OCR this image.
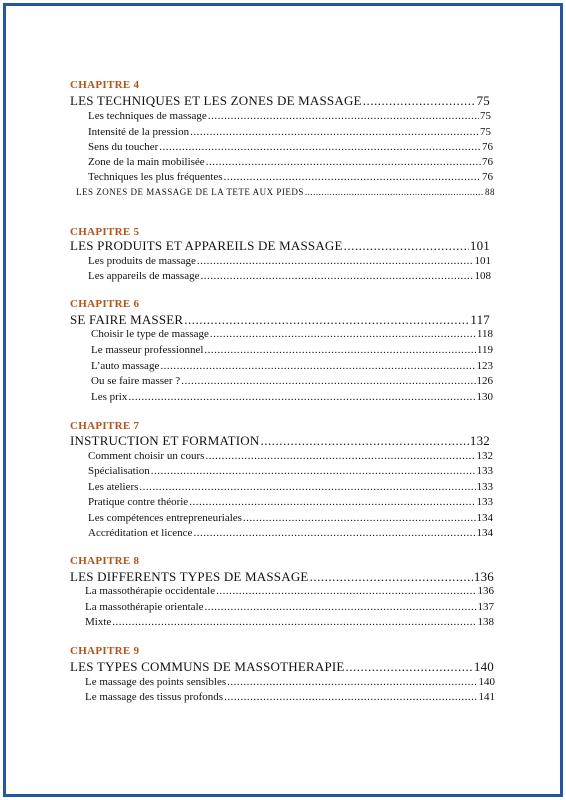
CHAPITRE 4
LES TECHNIQUES ET LES ZONES DE MASSAGE .....	75
Les techniques de massage .....	75
Intensité de la pression .....	75
Sens du toucher .....	76
Zone de la main mobilisée .....	76
Techniques les plus fréquentes .....	76
LES ZONES DE MASSAGE DE LA TETE AUX PIEDS .....	88
CHAPITRE 5
LES PRODUITS ET APPAREILS DE MASSAGE .....	101
Les produits de massage .....	101
Les appareils de massage .....	108
CHAPITRE 6
SE FAIRE MASSER .....	117
Choisir le type de massage .....	118
Le masseur professionnel .....	119
L’auto massage .....	123
Ou se faire masser ? .....	126
Les prix .....	130
CHAPITRE 7
INSTRUCTION ET FORMATION .....	132
Comment choisir un cours .....	132
Spécialisation .....	133
Les ateliers .....	133
Pratique contre théorie .....	133
Les compétences entrepreneuriales .....	134
Accréditation et licence .....	134
CHAPITRE 8
LES DIFFERENTS TYPES DE MASSAGE .....	136
La massothérapie occidentale .....	136
La massothérapie orientale .....	137
Mixte .....	138
CHAPITRE 9
LES TYPES COMMUNS DE MASSOTHERAPIE .....	140
Le massage des points sensibles .....	140
Le massage des tissus profonds .....	141
